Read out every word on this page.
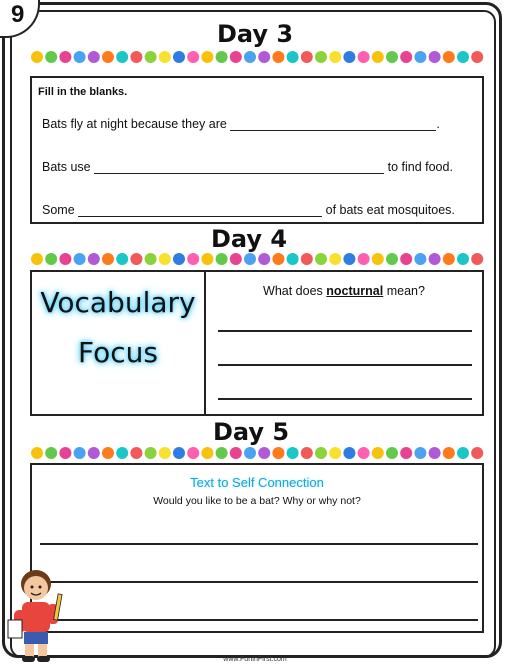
9
Day 3
Fill in the blanks.
Bats fly at night because they are	.
Bats use	to find food.
Some	of bats eat mosquitoes.
Day 4
Vocabulary
Focus
What does nocturnal mean?
Day 5
Text to Self Connection
Would you like to be a bat? Why or why not?
www.FunInFirst.com
